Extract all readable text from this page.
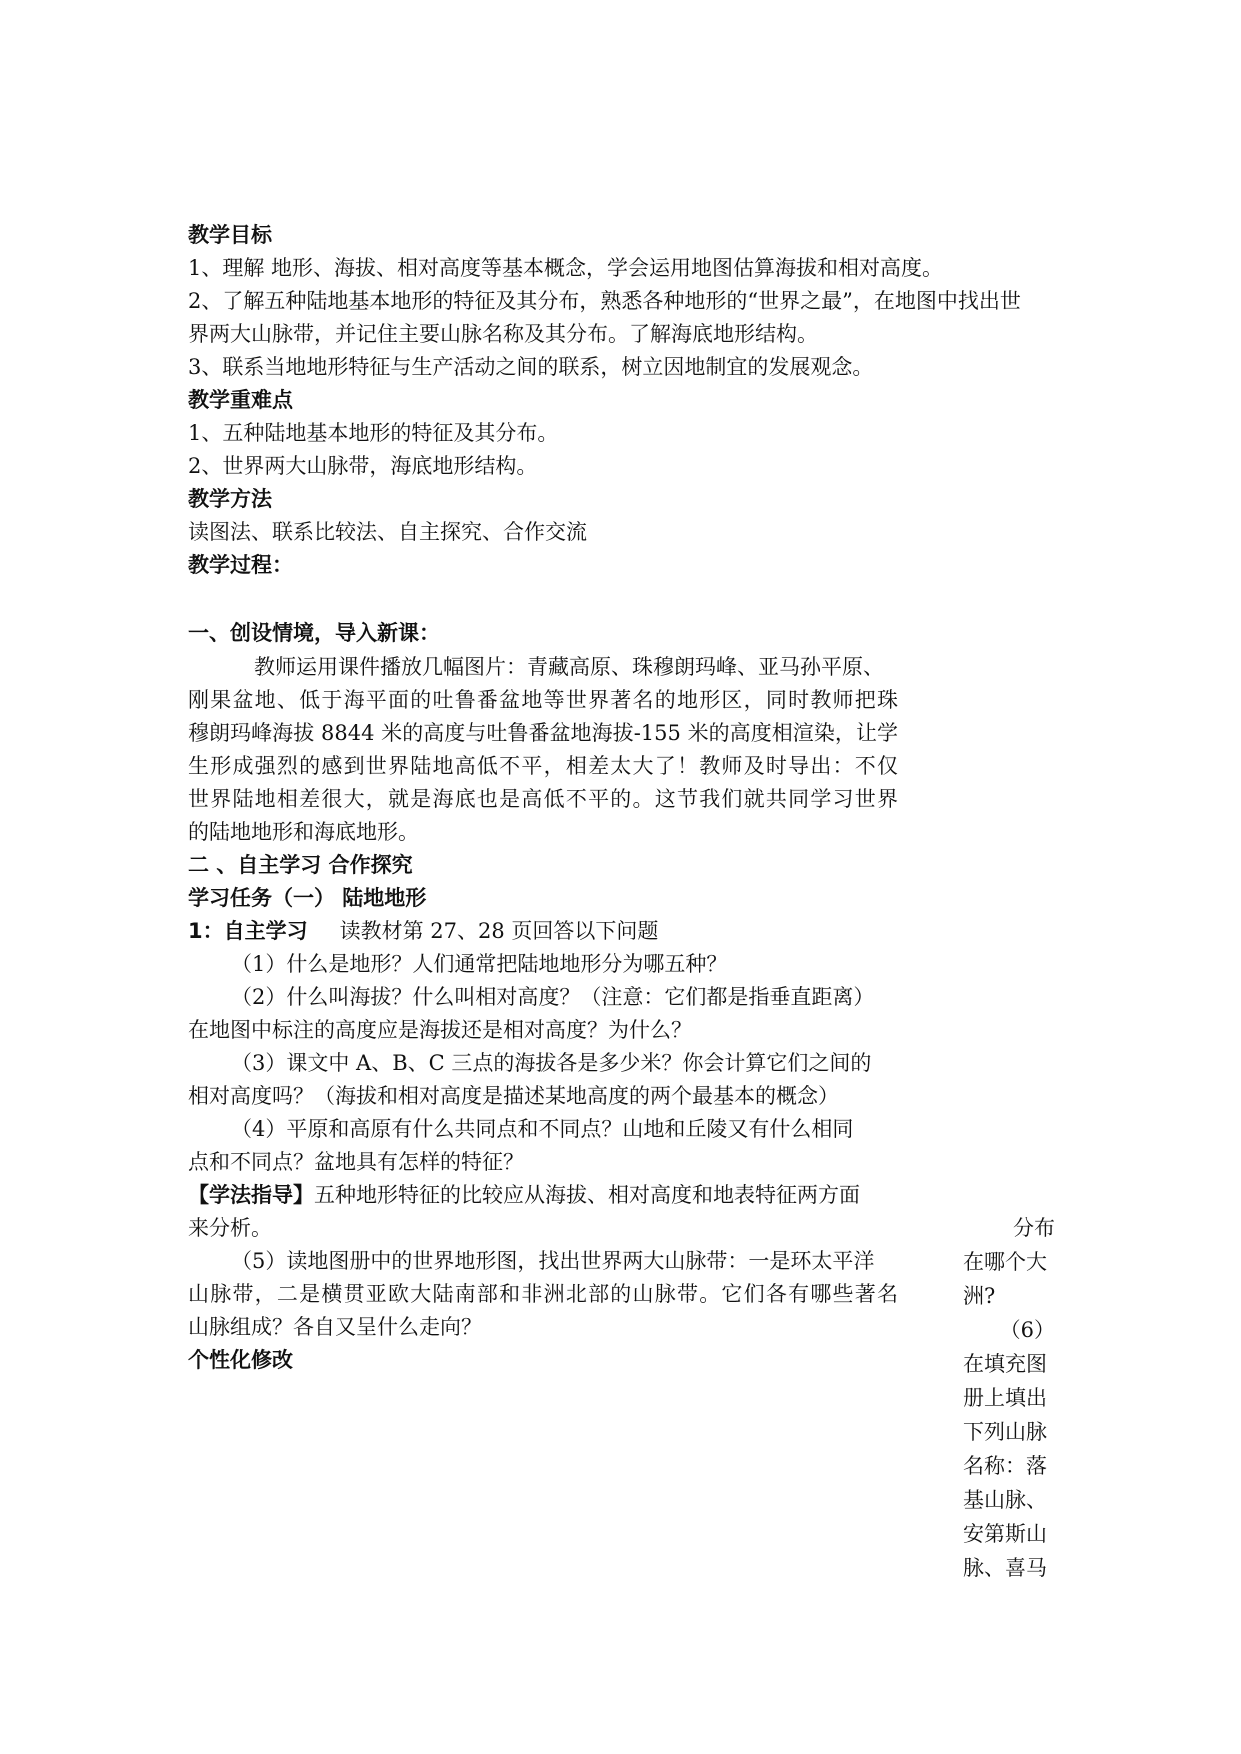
教学目标
1、理解 地形、海拔、相对高度等基本概念，学会运用地图估算海拔和相对高度。
2、了解五种陆地基本地形的特征及其分布，熟悉各种地形的“世界之最”，在地图中找出世
界两大山脉带，并记住主要山脉名称及其分布。了解海底地形结构。
3、联系当地地形特征与生产活动之间的联系，树立因地制宜的发展观念。
教学重难点
1、五种陆地基本地形的特征及其分布。
2、世界两大山脉带，海底地形结构。
教学方法
读图法、联系比较法、自主探究、合作交流
教学过程：
一、创设情境，导入新课：
教师运用课件播放几幅图片：青藏高原、珠穆朗玛峰、亚马孙平原、
刚果盆地、低于海平面的吐鲁番盆地等世界著名的地形区，同时教师把珠
穆朗玛峰海拔 8844 米的高度与吐鲁番盆地海拔-155 米的高度相渲染，让学
生形成强烈的感到世界陆地高低不平，相差太大了！教师及时导出：不仅
世界陆地相差很大，就是海底也是高低不平的。这节我们就共同学习世界
的陆地地形和海底地形。
二 、自主学习 合作探究
学习任务（一） 陆地地形
1：自主学习 读教材第 27、28 页回答以下问题
（1）什么是地形？人们通常把陆地地形分为哪五种？
（2）什么叫海拔？什么叫相对高度？（注意：它们都是指垂直距离）
在地图中标注的高度应是海拔还是相对高度？为什么？
（3）课文中 A、B、C 三点的海拔各是多少米？你会计算它们之间的
相对高度吗？（海拔和相对高度是描述某地高度的两个最基本的概念）
（4）平原和高原有什么共同点和不同点？山地和丘陵又有什么相同
点和不同点？盆地具有怎样的特征？
【学法指导】五种地形特征的比较应从海拔、相对高度和地表特征两方面
来分析。
（5）读地图册中的世界地形图，找出世界两大山脉带：一是环太平洋
山脉带，二是横贯亚欧大陆南部和非洲北部的山脉带。它们各有哪些著名
山脉组成？各自又呈什么走向？
个性化修改
分布
在哪个大
洲?
（6）
在填充图
册上填出
下列山脉
名称：落
基山脉、
安第斯山
脉、喜马
